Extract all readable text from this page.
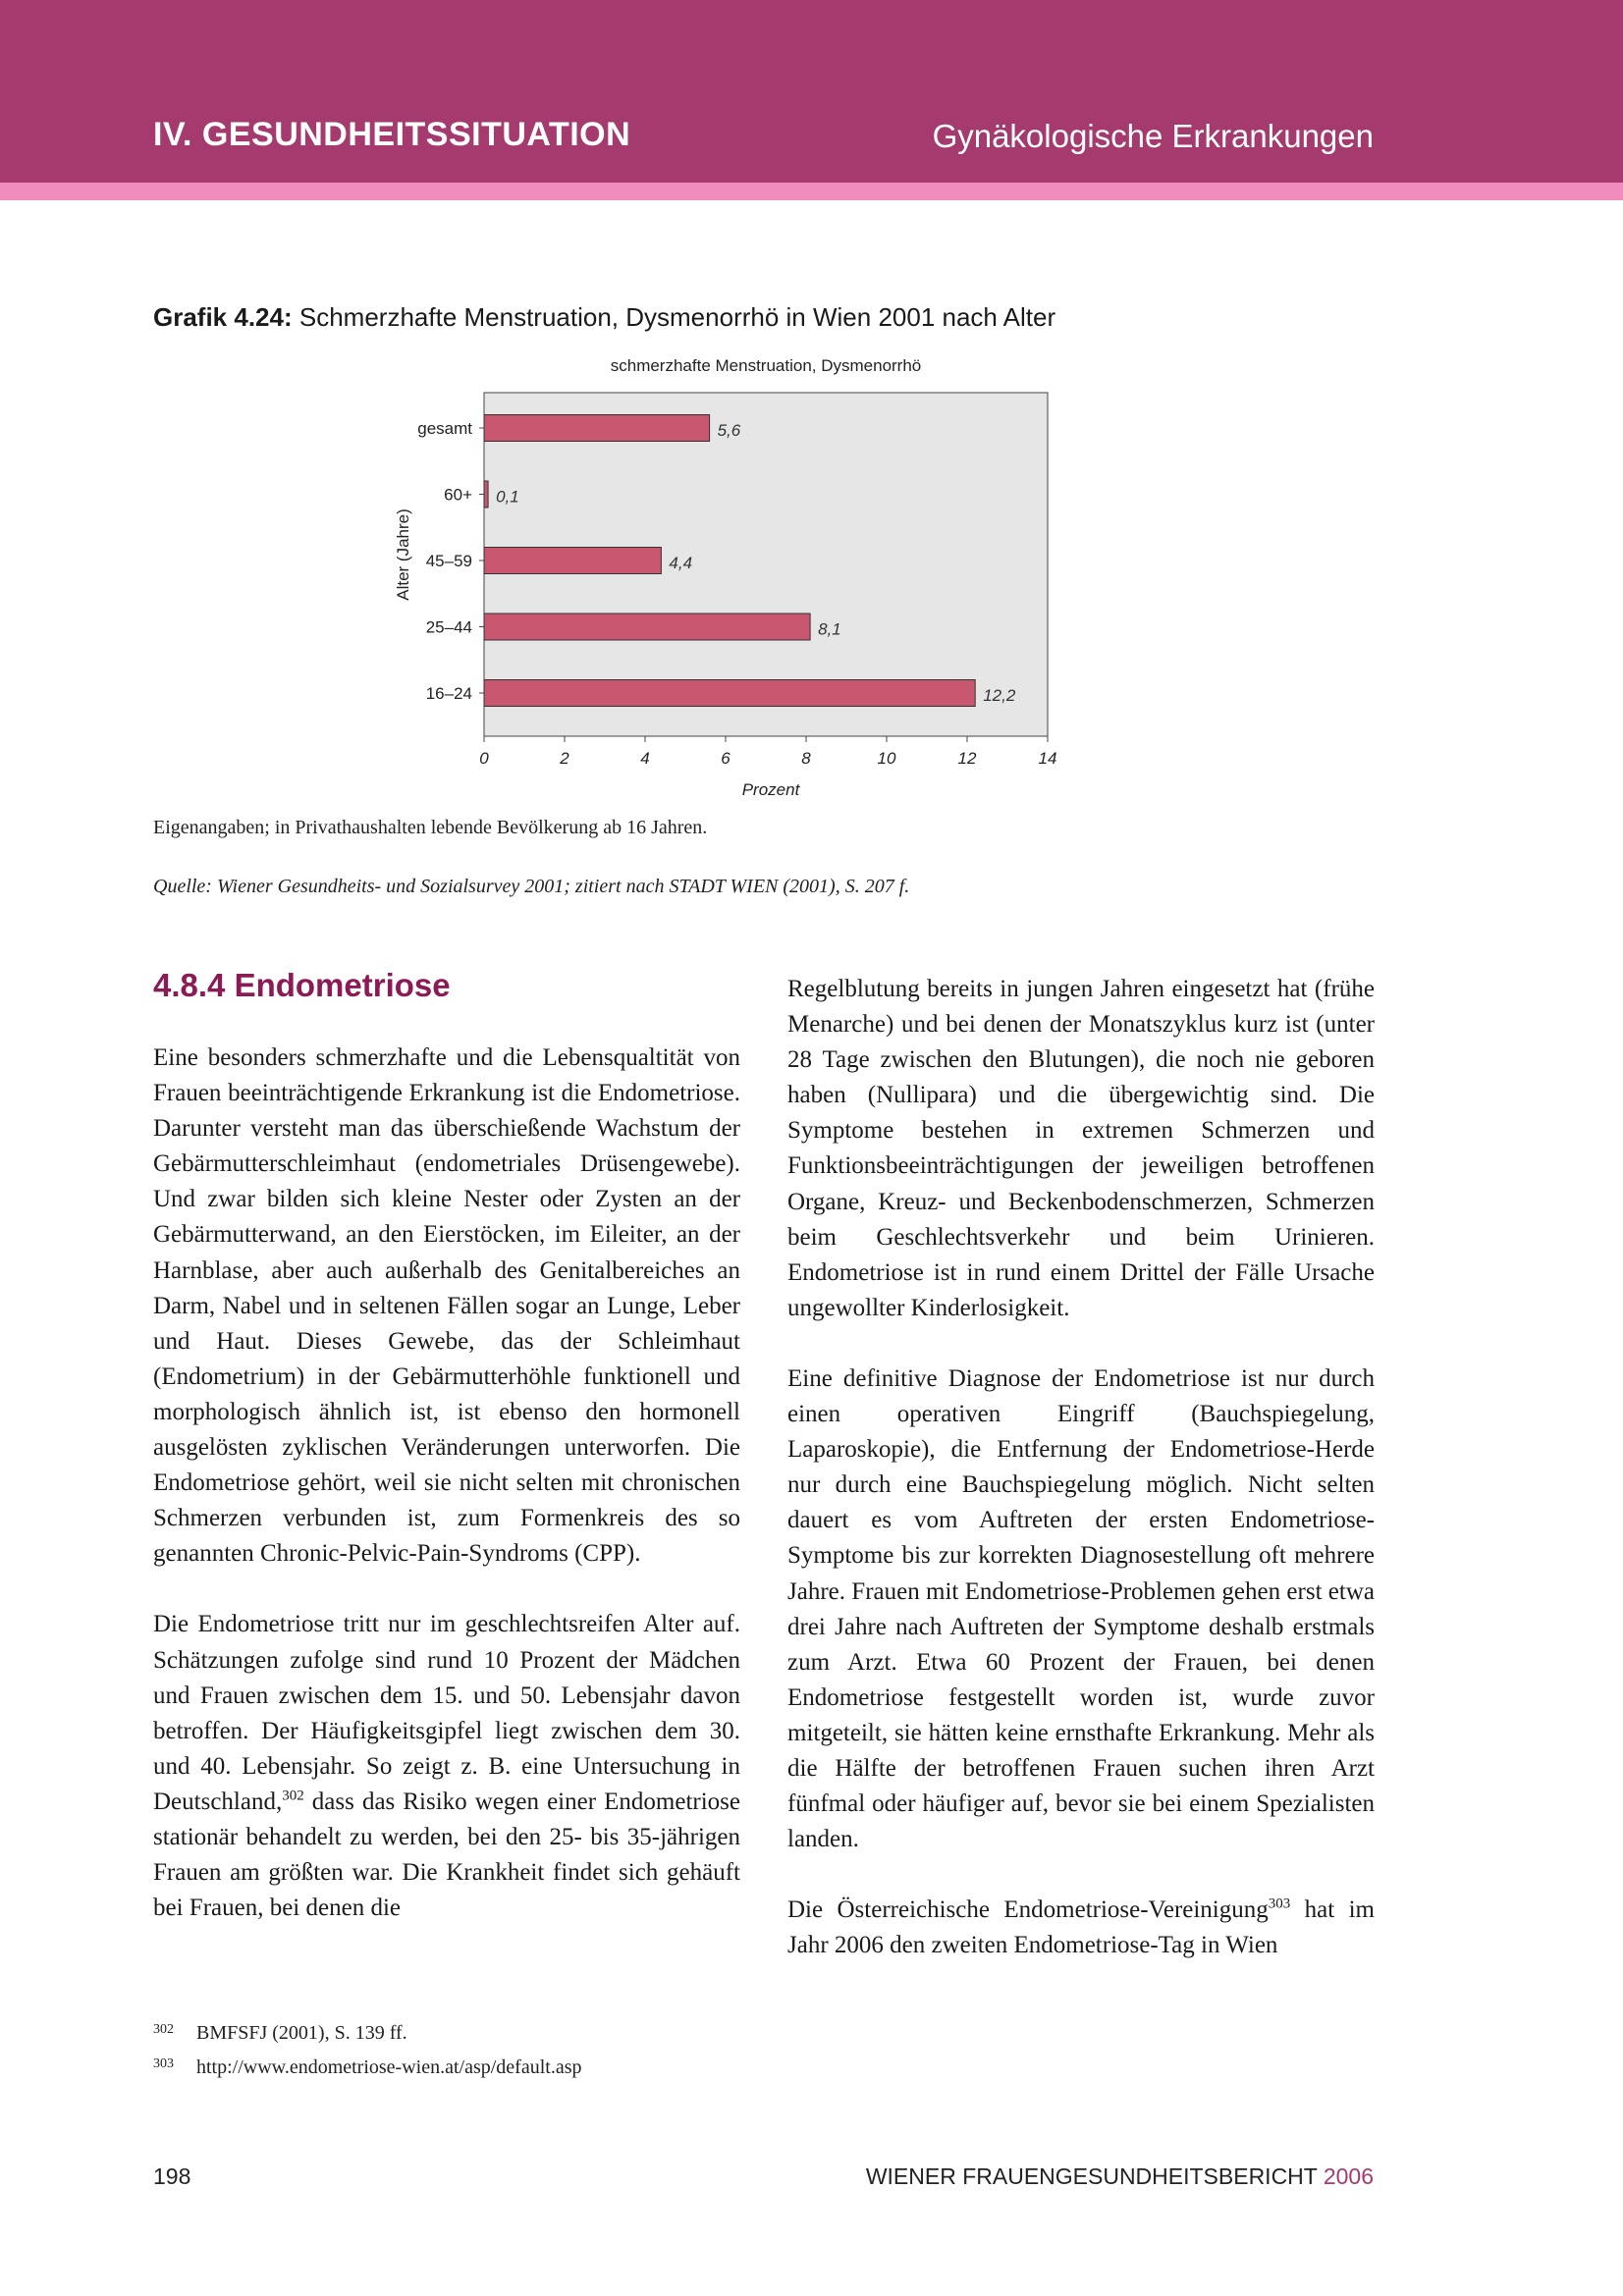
IV. GESUNDHEITSSITUATION	Gynäkologische Erkrankungen
Grafik 4.24: Schmerzhafte Menstruation, Dysmenorrhö in Wien 2001 nach Alter
schmerzhafte Menstruation, Dysmenorrhö
gesamt	5,6
60+ 0,1
45–59	4,4
25–44	8,1
16–24	12,2
0	2	4	6	8	10	12	14
Prozent
Alter (Jahre)
Eigenangaben; in Privathaushalten lebende Bevölkerung ab 16 Jahren.
Quelle: Wiener Gesundheits- und Sozialsurvey 2001; zitiert nach STADT WIEN (2001), S. 207 f.
4.8.4 Endometriose

Eine besonders schmerzhafte und die Lebensqualtität von Frauen beeinträchtigende Erkrankung ist die Endometriose. Darunter versteht man das überschießende Wachstum der Gebärmutterschleimhaut (endometriales Drüsengewebe). Und zwar bilden sich kleine Nester oder Zysten an der Gebärmutterwand, an den Eierstöcken, im Eileiter, an der Harnblase, aber auch außerhalb des Genitalbereiches an Darm, Nabel und in seltenen Fällen sogar an Lunge, Leber und Haut. Dieses Gewebe, das der Schleimhaut (Endometrium) in der Gebärmutterhöhle funktionell und morphologisch ähnlich ist, ist ebenso den hormonell ausgelösten zyklischen Veränderungen unterworfen. Die Endometriose gehört, weil sie nicht selten mit chronischen Schmerzen verbunden ist, zum Formenkreis des so genannten Chronic-Pelvic-Pain-Syndroms (CPP).

Die Endometriose tritt nur im geschlechtsreifen Alter auf. Schätzungen zufolge sind rund 10 Prozent der Mädchen und Frauen zwischen dem 15. und 50. Lebensjahr davon betroffen. Der Häufigkeitsgipfel liegt zwischen dem 30. und 40. Lebensjahr. So zeigt z. B. eine Untersuchung in Deutschland,$^{302}$ dass das Risiko wegen einer Endometriose stationär behandelt zu werden, bei den 25- bis 35-jährigen Frauen am größten war. Die Krankheit findet sich gehäuft bei Frauen, bei denen die

Regelblutung bereits in jungen Jahren eingesetzt hat (frühe Menarche) und bei denen der Monatszyklus kurz ist (unter 28 Tage zwischen den Blutungen), die noch nie geboren haben (Nullipara) und die übergewichtig sind. Die Symptome bestehen in extremen Schmerzen und Funktionsbeeinträchtigungen der jeweiligen betroffenen Organe, Kreuz- und Beckenbodenschmerzen, Schmerzen beim Geschlechtsverkehr und beim Urinieren. Endometriose ist in rund einem Drittel der Fälle Ursache ungewollter Kinderlosigkeit.

Eine definitive Diagnose der Endometriose ist nur durch einen operativen Eingriff (Bauchspiegelung, Laparoskopie), die Entfernung der Endometriose-Herde nur durch eine Bauchspiegelung möglich. Nicht selten dauert es vom Auftreten der ersten Endometriose-Symptome bis zur korrekten Diagnosestellung oft mehrere Jahre. Frauen mit Endometriose-Problemen gehen erst etwa drei Jahre nach Auftreten der Symptome deshalb erstmals zum Arzt. Etwa 60 Prozent der Frauen, bei denen Endometriose festgestellt worden ist, wurde zuvor mitgeteilt, sie hätten keine ernsthafte Erkrankung. Mehr als die Hälfte der betroffenen Frauen suchen ihren Arzt fünfmal oder häufiger auf, bevor sie bei einem Spezialisten landen.

Die Österreichische Endometriose-Vereinigung$^{303}$ hat im Jahr 2006 den zweiten Endometriose-Tag in Wien

302 BMFSFJ (2001), S. 139 ff.
303 http://www.endometriose-wien.at/asp/default.asp
198	WIENER FRAUENGESUNDHEITSBERICHT 2006
